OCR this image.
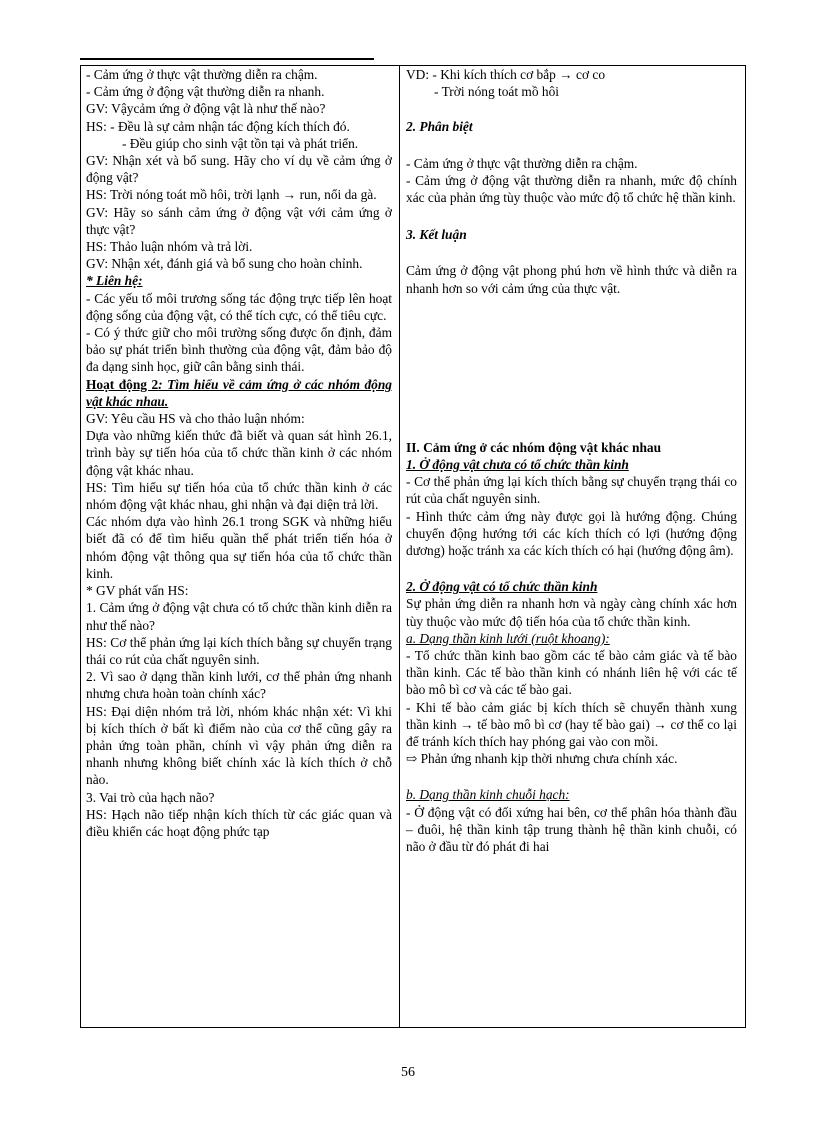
- Cảm ứng ở thực vật thường diễn ra chậm.

- Cảm ứng ở động vật thường diễn ra nhanh.

GV: Vậycảm ứng ở động vật là như thế nào?

HS: - Đều là sự cảm nhận tác động kích thích đó.

- Đều giúp cho sinh vật tồn tại và phát triển.

GV: Nhận xét và bổ sung. Hãy cho ví dụ về cảm ứng ở động vật?

HS: Trời nóng toát mồ hôi, trời lạnh → run, nổi da gà.

GV: Hãy so sánh cảm ứng ở động vật với cảm ứng ở thực vật?

HS: Thảo luận nhóm và trả lời.

GV: Nhận xét, đánh giá và bổ sung cho hoàn chỉnh.

* Liên hệ:

- Các yếu tố môi trương sống tác động trực tiếp lên hoạt động sống của động vật, có thể tích cực, có thể tiêu cực.

- Có ý thức giữ cho môi trường sống được ổn định, đảm bảo sự phát triển bình thường của động vật, đảm bảo độ đa dạng sinh học, giữ cân bằng sinh thái.

Hoạt động 2: Tìm hiểu về cảm ứng ở các nhóm động vật khác nhau.

GV: Yêu cầu HS và cho thảo luận nhóm:

Dựa vào những kiến thức đã biết và quan sát hình 26.1, trình bày sự tiến hóa của tổ chức thần kinh ở các nhóm động vật khác nhau.

HS: Tìm hiểu sự tiến hóa của tổ chức thần kinh ở các nhóm động vật khác nhau, ghi nhận và đại diện trả lời.

Các nhóm dựa vào hình 26.1 trong SGK và những hiểu biết đã có để tìm hiểu quần thể phát triển tiến hóa ở nhóm động vật thông qua sự tiến hóa của tổ chức thần kinh.

* GV phát vấn HS:

1. Cảm ứng ở động vật chưa có tổ chức thần kinh diễn ra như thế nào?

HS: Cơ thể phản ứng lại kích thích bằng sự chuyển trạng thái co rút của chất nguyên sinh.

2. Vì sao ở dạng thần kinh lưới, cơ thể phản ứng nhanh nhưng chưa hoàn toàn chính xác?

HS: Đại diện nhóm trả lời, nhóm khác nhận xét: Vì khi bị kích thích ở bất kì điểm nào của cơ thể cũng gây ra phản ứng toàn phần, chính vì vậy phản ứng diễn ra nhanh nhưng không biết chính xác là kích thích ở chỗ nào.

3. Vai trò của hạch não?

HS: Hạch não tiếp nhận kích thích từ các giác quan và điều khiển các hoạt động phức tạp

VD: - Khi kích thích cơ bắp → cơ co

- Trời nóng toát mồ hôi

2. Phân biệt

- Cảm ứng ở thực vật thường diễn ra chậm.

- Cảm ứng ở động vật thường diễn ra nhanh, mức độ chính xác của phản ứng tùy thuộc vào mức độ tổ chức hệ thần kinh.

3. Kết luận

Cảm ứng ở động vật phong phú hơn về hình thức và diễn ra nhanh hơn so với cảm ứng của thực vật.

II. Cảm ứng ở các nhóm động vật khác nhau

1. Ở động vật chưa có tổ chức thần kinh

- Cơ thể phản ứng lại kích thích bằng sự chuyển trạng thái co rút của chất nguyên sinh.

- Hình thức cảm ứng này được gọi là hướng động. Chúng chuyển động hướng tới các kích thích có lợi (hướng động dương) hoặc tránh xa các kích thích có hại (hướng động âm).

2. Ở động vật có tổ chức thần kinh

Sự phản ứng diễn ra nhanh hơn và ngày càng chính xác hơn tùy thuộc vào mức độ tiến hóa của tổ chức thần kinh.

a. Dạng thần kinh lưới (ruột khoang):

- Tổ chức thần kinh bao gồm các tế bào cảm giác và tế bào thần kinh. Các tế bào thần kinh có nhánh liên hệ với các tế bào mô bì cơ và các tế bào gai.

- Khi tế bào cảm giác bị kích thích sẽ chuyển thành xung thần kinh → tế bào mô bì cơ (hay tế bào gai) → cơ thể co lại để tránh kích thích hay phóng gai vào con mồi.

⇨ Phản ứng nhanh kịp thời nhưng chưa chính xác.

b. Dạng thần kinh chuỗi hạch:

- Ở động vật có đối xứng hai bên, cơ thể phân hóa thành đầu – đuôi, hệ thần kinh tập trung thành hệ thần kinh chuỗi, có não ở đầu từ đó phát đi hai

56
